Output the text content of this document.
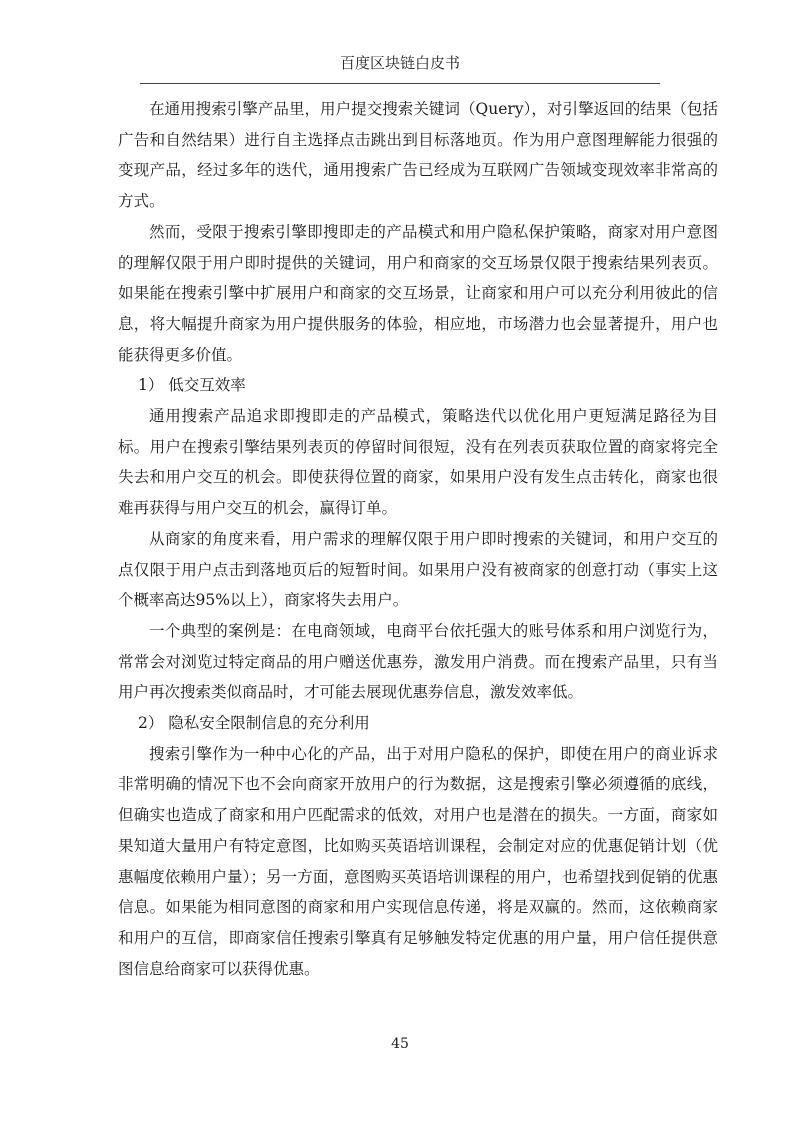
百度区块链白皮书

在通用搜索引擎产品里，用户提交搜索关键词（Query），对引擎返回的结果（包括广告和自然结果）进行自主选择点击跳出到目标落地页。作为用户意图理解能力很强的变现产品，经过多年的迭代，通用搜索广告已经成为互联网广告领域变现效率非常高的方式。

然而，受限于搜索引擎即搜即走的产品模式和用户隐私保护策略，商家对用户意图的理解仅限于用户即时提供的关键词，用户和商家的交互场景仅限于搜索结果列表页。如果能在搜索引擎中扩展用户和商家的交互场景，让商家和用户可以充分利用彼此的信息，将大幅提升商家为用户提供服务的体验，相应地，市场潜力也会显著提升，用户也能获得更多价值。

1） 低交互效率

通用搜索产品追求即搜即走的产品模式，策略迭代以优化用户更短满足路径为目标。用户在搜索引擎结果列表页的停留时间很短，没有在列表页获取位置的商家将完全失去和用户交互的机会。即使获得位置的商家，如果用户没有发生点击转化，商家也很难再获得与用户交互的机会，赢得订单。

从商家的角度来看，用户需求的理解仅限于用户即时搜索的关键词，和用户交互的点仅限于用户点击到落地页后的短暂时间。如果用户没有被商家的创意打动（事实上这个概率高达95%以上），商家将失去用户。

一个典型的案例是：在电商领域，电商平台依托强大的账号体系和用户浏览行为，常常会对浏览过特定商品的用户赠送优惠券，激发用户消费。而在搜索产品里，只有当用户再次搜索类似商品时，才可能去展现优惠券信息，激发效率低。

2） 隐私安全限制信息的充分利用

搜索引擎作为一种中心化的产品，出于对用户隐私的保护，即使在用户的商业诉求非常明确的情况下也不会向商家开放用户的行为数据，这是搜索引擎必须遵循的底线，但确实也造成了商家和用户匹配需求的低效，对用户也是潜在的损失。一方面，商家如果知道大量用户有特定意图，比如购买英语培训课程，会制定对应的优惠促销计划（优惠幅度依赖用户量）；另一方面，意图购买英语培训课程的用户，也希望找到促销的优惠信息。如果能为相同意图的商家和用户实现信息传递，将是双赢的。然而，这依赖商家和用户的互信，即商家信任搜索引擎真有足够触发特定优惠的用户量，用户信任提供意图信息给商家可以获得优惠。

45
